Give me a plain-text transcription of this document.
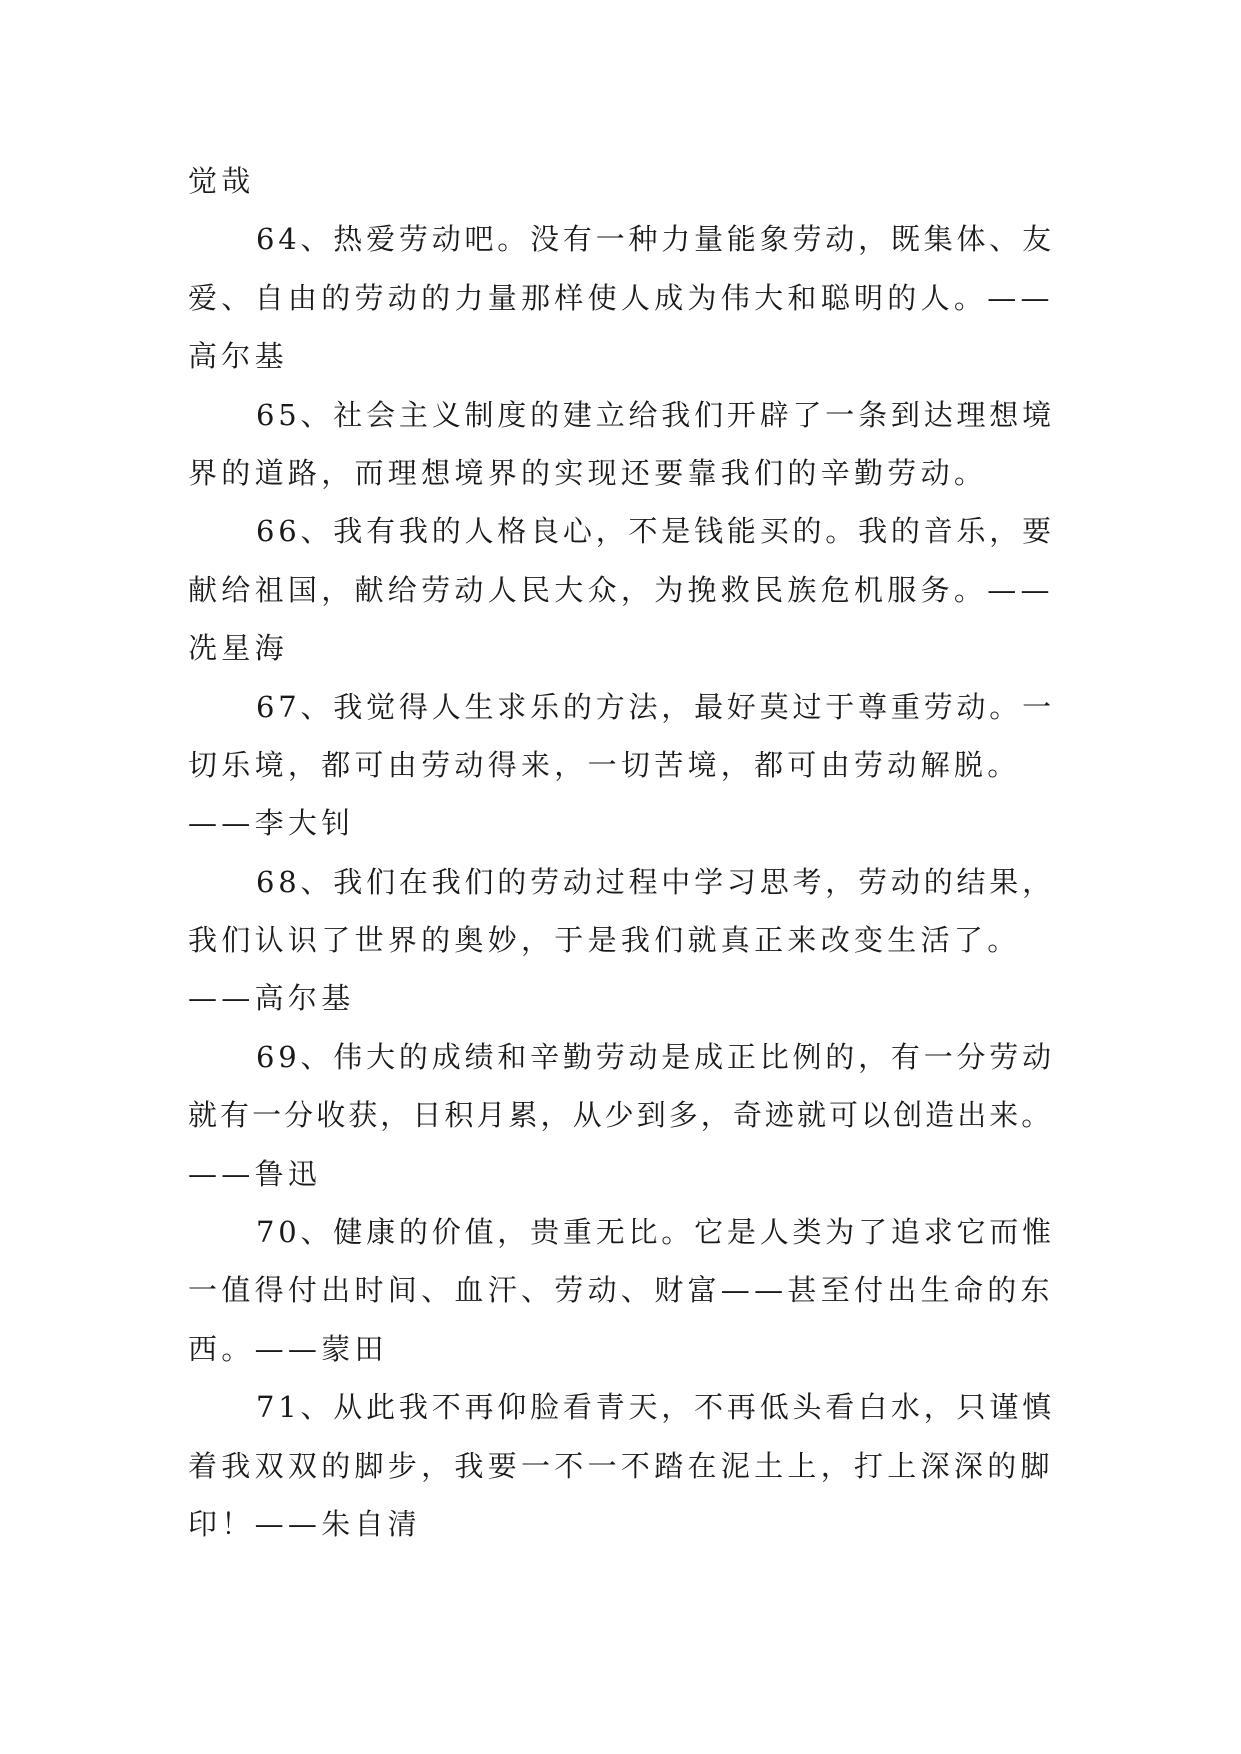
觉哉
64、热爱劳动吧。没有一种力量能象劳动，既集体、友
爱、自由的劳动的力量那样使人成为伟大和聪明的人。——
高尔基
65、社会主义制度的建立给我们开辟了一条到达理想境
界的道路，而理想境界的实现还要靠我们的辛勤劳动。
66、我有我的人格良心，不是钱能买的。我的音乐，要
献给祖国，献给劳动人民大众，为挽救民族危机服务。——
冼星海
67、我觉得人生求乐的方法，最好莫过于尊重劳动。一
切乐境，都可由劳动得来，一切苦境，都可由劳动解脱。
——李大钊
68、我们在我们的劳动过程中学习思考，劳动的结果，
我们认识了世界的奥妙，于是我们就真正来改变生活了。
——高尔基
69、伟大的成绩和辛勤劳动是成正比例的，有一分劳动
就有一分收获，日积月累，从少到多，奇迹就可以创造出来。
——鲁迅
70、健康的价值，贵重无比。它是人类为了追求它而惟
一值得付出时间、血汗、劳动、财富——甚至付出生命的东
西。——蒙田
71、从此我不再仰脸看青天，不再低头看白水，只谨慎
着我双双的脚步，我要一不一不踏在泥土上，打上深深的脚
印！——朱自清
